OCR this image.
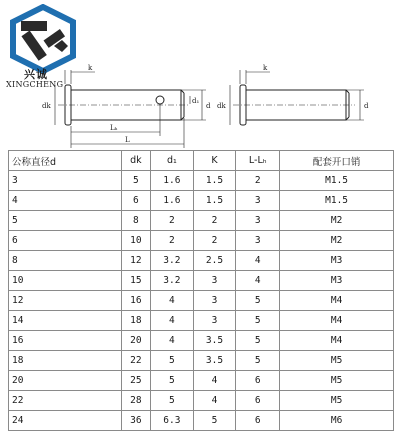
兴诚
XINGCHENG
k
dk
d₁
d
Lₕ
L
k
dk	d
公称直径d	dk	d₁	K	L-Lₕ	配套开口销
3	5	1.6	1.5	2	M1.5
4	6	1.6	1.5	3	M1.5
5	8	2	2	3	M2
6	10	2	2	3	M2
8	12	3.2	2.5	4	M3
10	15	3.2	3	4	M3
12	16	4	3	5	M4
14	18	4	3	5	M4
16	20	4	3.5	5	M4
18	22	5	3.5	5	M5
20	25	5	4	6	M5
22	28	5	4	6	M5
24	36	6.3	5	6	M6
